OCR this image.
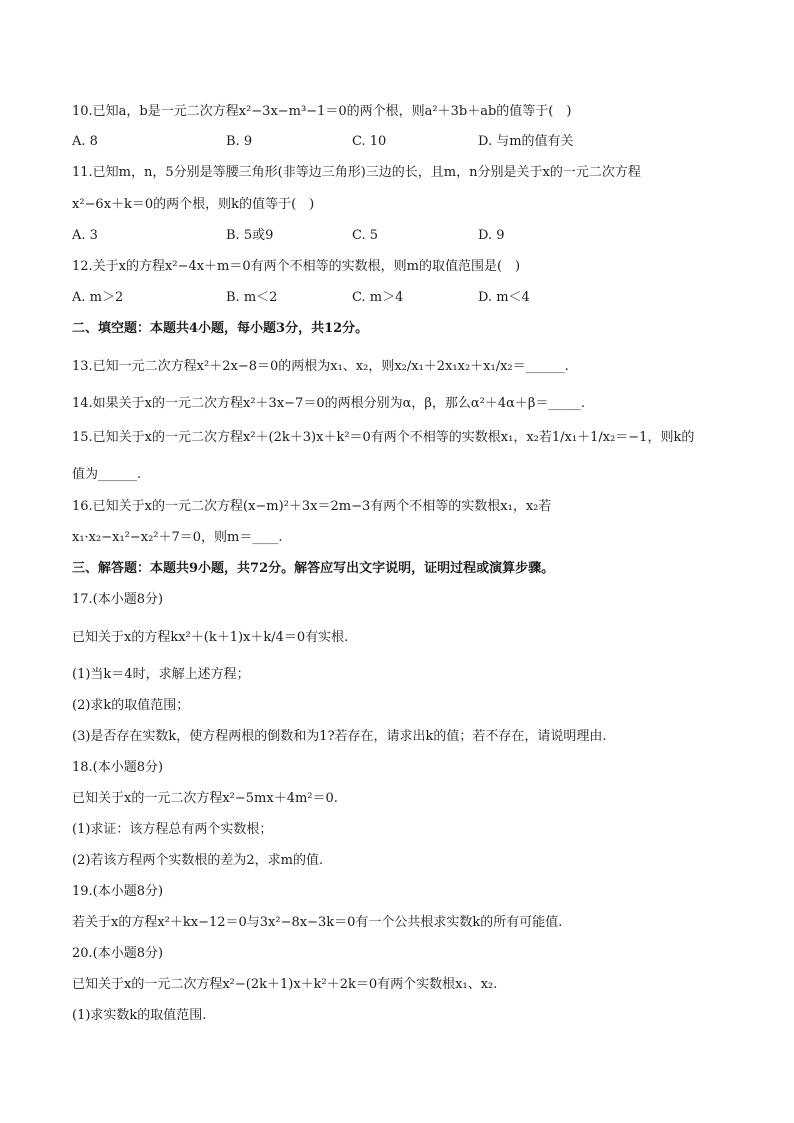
10.已知a，b是一元二次方程x²−3x−m³−1＝0的两个根，则a²＋3b＋ab的值等于(　)
A. 8	B. 9	C. 10	D. 与m的值有关
11.已知m，n，5分别是等腰三角形(非等边三角形)三边的长，且m，n分别是关于x的一元二次方程
x²−6x＋k＝0的两个根，则k的值等于(　)
A. 3	B. 5或9	C. 5	D. 9
12.关于x的方程x²−4x＋m＝0有两个不相等的实数根，则m的取值范围是(　)
A. m＞2	B. m＜2	C. m＞4	D. m＜4
二、填空题：本题共4小题，每小题3分，共12分。
13.已知一元二次方程x²＋2x−8＝0的两根为x₁、x₂，则x₂/x₁＋2x₁x₂＋x₁/x₂＝______.
14.如果关于x的一元二次方程x²＋3x−7＝0的两根分别为α，β，那么α²＋4α＋β＝_____.
15.已知关于x的一元二次方程x²＋(2k＋3)x＋k²＝0有两个不相等的实数根x₁，x₂若1/x₁＋1/x₂＝−1，则k的
值为______.
16.已知关于x的一元二次方程(x−m)²＋3x＝2m−3有两个不相等的实数根x₁，x₂若
x₁·x₂−x₁²−x₂²＋7＝0，则m＝____.
三、解答题：本题共9小题，共72分。解答应写出文字说明，证明过程或演算步骤。
17.(本小题8分)
已知关于x的方程kx²＋(k＋1)x＋k/4＝0有实根.
(1)当k＝4时，求解上述方程；
(2)求k的取值范围；
(3)是否存在实数k，使方程两根的倒数和为1?若存在，请求出k的值；若不存在，请说明理由.
18.(本小题8分)
已知关于x的一元二次方程x²−5mx＋4m²＝0.
(1)求证：该方程总有两个实数根；
(2)若该方程两个实数根的差为2，求m的值.
19.(本小题8分)
若关于x的方程x²＋kx−12＝0与3x²−8x−3k＝0有一个公共根求实数k的所有可能值.
20.(本小题8分)
已知关于x的一元二次方程x²−(2k＋1)x＋k²＋2k＝0有两个实数根x₁、x₂.
(1)求实数k的取值范围.
